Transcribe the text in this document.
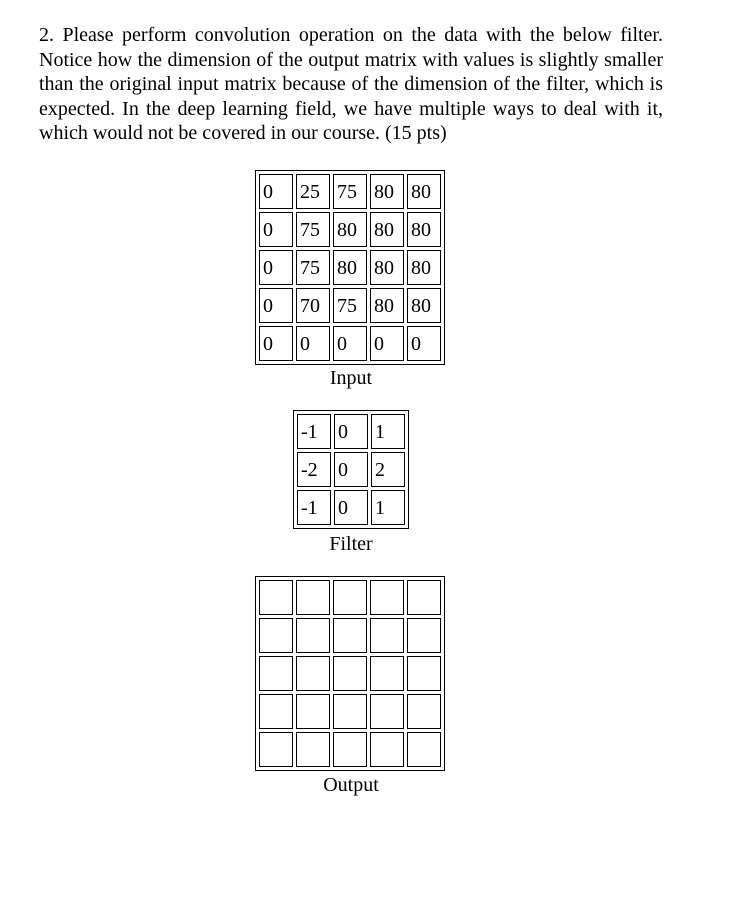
2. Please perform convolution operation on the data with the below filter. Notice how the dimension of the output matrix with values is slightly smaller than the original input matrix because of the dimension of the filter, which is expected. In the deep learning field, we have multiple ways to deal with it, which would not be covered in our course. (15 pts)

0	25	75	80	80
0	75	80	80	80
0	75	80	80	80
0	70	75	80	80
0	0	0	0	0
Input
-1	0	1
-2	0	2
-1	0	1
Filter

Output
